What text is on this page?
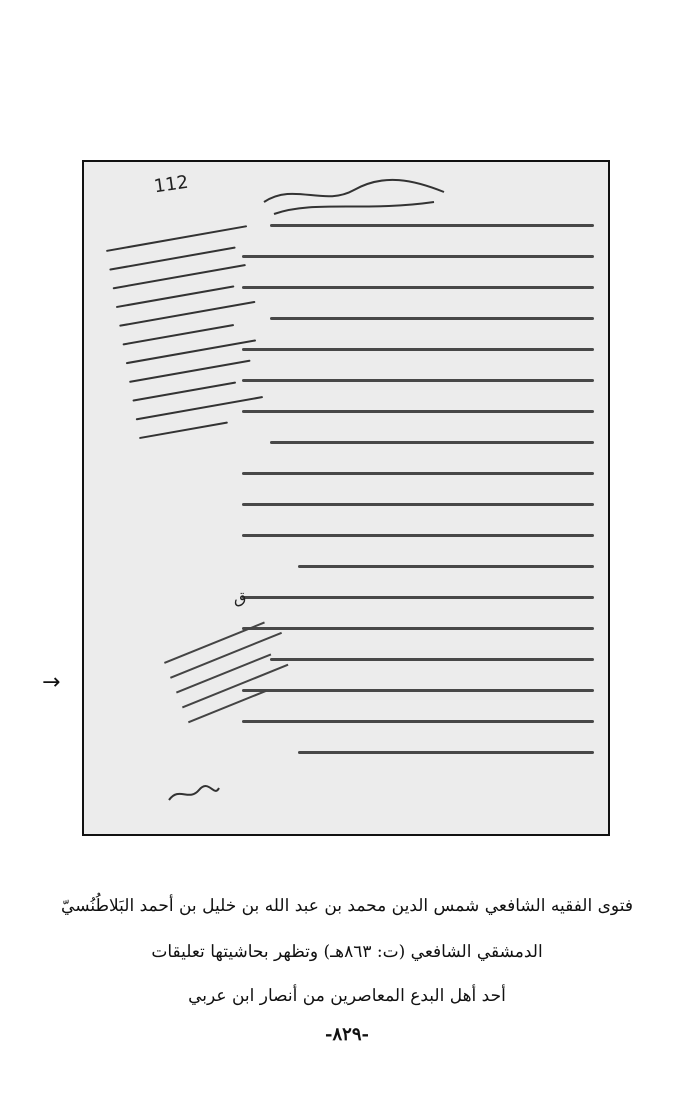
112
ق
→
فتوى الفقيه الشافعي شمس الدين محمد بن عبد الله بن خليل بن أحمد البَلاطُنُسيّ
الدمشقي الشافعي (ت: ٨٦٣هـ) وتظهر بحاشيتها تعليقات
أحد أهل البدع المعاصرين من أنصار ابن عربي
-٨٢٩-
